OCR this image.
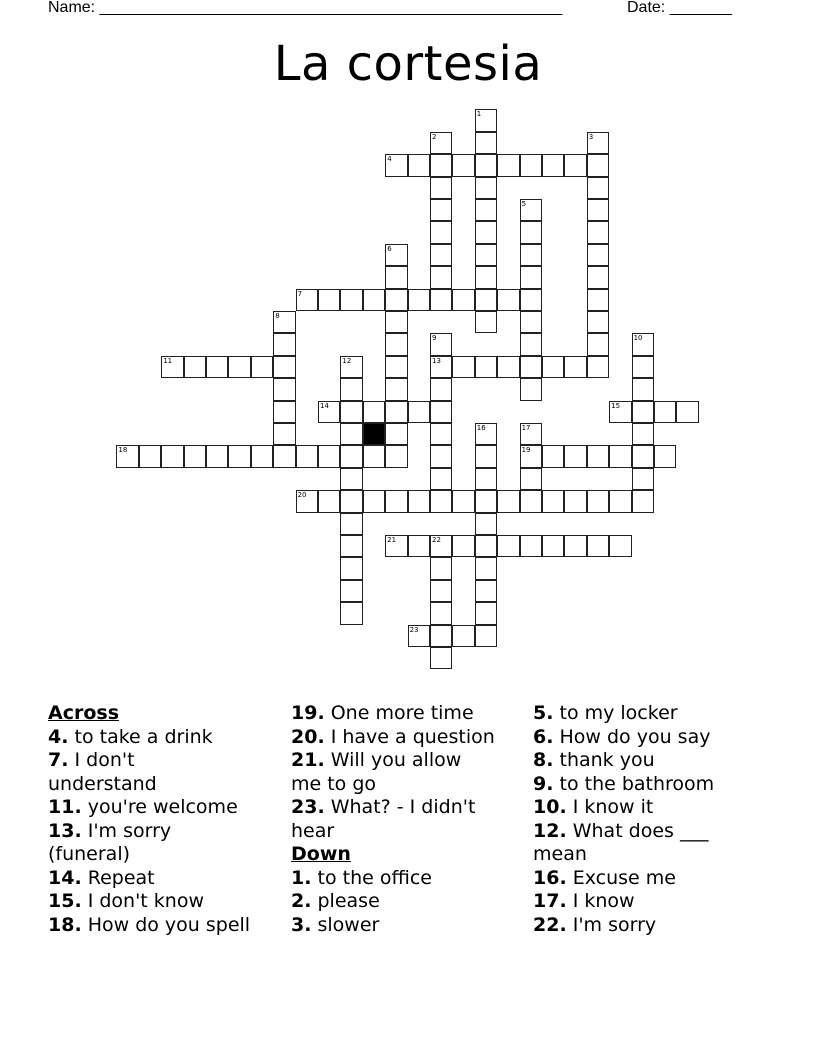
Name: ____________________________________________________	Date: _______
La cortesia
1
2	3
4
5
6
7
8
9
13
10
11	12
14	15
16	17
19
18
20
21	22
23
Across
4. to take a drink
7. I don't understand
11. you're welcome
13. I'm sorry (funeral)
14. Repeat
15. I don't know
18. How do you spell
19. One more time
20. I have a question
21. Will you allow me to go
23. What? - I didn't hear
Down
1. to the office
2. please
3. slower
5. to my locker
6. How do you say
8. thank you
9. to the bathroom
10. I know it
12. What does ___ mean
16. Excuse me
17. I know
22. I'm sorry
